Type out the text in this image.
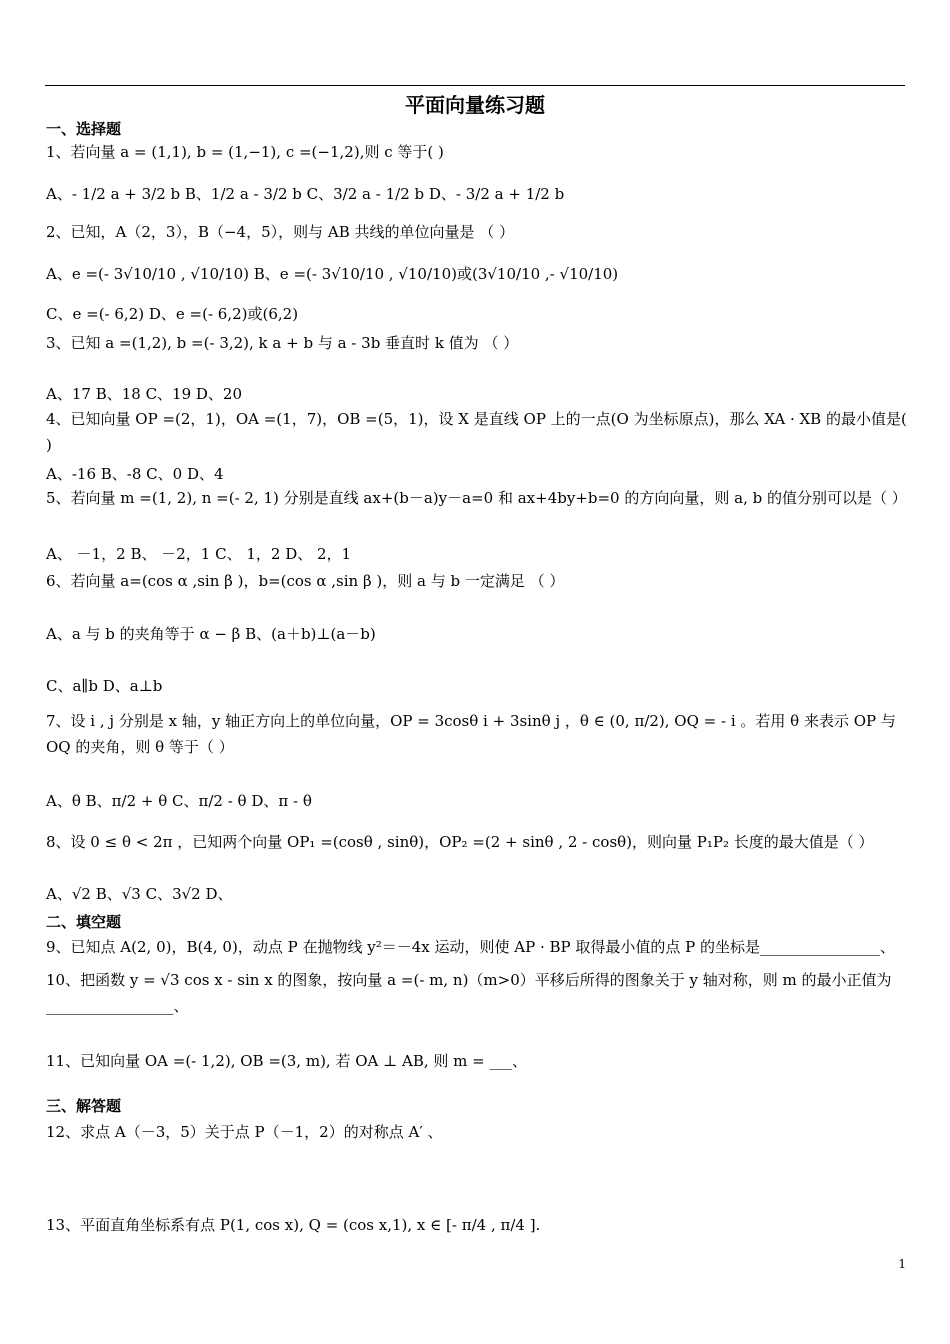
平面向量练习题
一、选择题
1、若向量 a = (1,1), b = (1,−1), c =(−1,2),则 c 等于( )
A、- 1/2 a + 3/2 b B、1/2 a - 3/2 b C、3/2 a - 1/2 b D、- 3/2 a + 1/2 b
2、已知，A（2，3），B（−4，5），则与 AB 共线的单位向量是 （ ）
A、e =(- 3√10/10 , √10/10) B、e =(- 3√10/10 , √10/10)或(3√10/10 ,- √10/10)
C、e =(- 6,2) D、e =(- 6,2)或(6,2)
3、已知 a =(1,2), b =(- 3,2), k a + b 与 a - 3b 垂直时 k 值为 （ ）
A、17 B、18 C、19 D、20
4、已知向量 OP =(2，1)，OA =(1，7)，OB =(5，1)，设 X 是直线 OP 上的一点(O 为坐标原点)，那么 XA · XB 的最小值是( )
A、-16 B、-8 C、0 D、4
5、若向量 m =(1, 2), n =(- 2, 1) 分别是直线 ax+(b－a)y－a=0 和 ax+4by+b=0 的方向向量，则 a, b 的值分别可以是（ ）
A、 －1，2 B、 －2，1 C、 1，2 D、 2，1
6、若向量 a=(cos α ,sin β )，b=(cos α ,sin β )，则 a 与 b 一定满足 （ ）
A、a 与 b 的夹角等于 α − β B、(a＋b)⊥(a－b)
C、a∥b D、a⊥b
7、设 i , j 分别是 x 轴，y 轴正方向上的单位向量，OP = 3cosθ i + 3sinθ j ，θ ∈ (0, π/2), OQ = - i 。若用 θ 来表示 OP 与 OQ 的夹角，则 θ 等于（ ）
A、θ B、π/2 + θ C、π/2 - θ D、π - θ
8、设 0 ≤ θ < 2π ，已知两个向量 OP₁ =(cosθ , sinθ)，OP₂ =(2 + sinθ , 2 - cosθ)，则向量 P₁P₂ 长度的最大值是（ ）
A、√2 B、√3 C、3√2 D、
二、填空题
9、已知点 A(2, 0)，B(4, 0)，动点 P 在抛物线 y²＝－4x 运动，则使 AP · BP 取得最小值的点 P 的坐标是________________、
10、把函数 y = √3 cos x - sin x 的图象，按向量 a =(- m, n)（m>0）平移后所得的图象关于 y 轴对称，则 m 的最小正值为_________________、
11、已知向量 OA =(- 1,2), OB =(3, m), 若 OA ⊥ AB, 则 m = ___、
三、解答题
12、求点 A（－3，5）关于点 P（－1，2）的对称点 A′ 、
13、平面直角坐标系有点 P(1, cos x), Q = (cos x,1), x ∈ [- π/4 , π/4 ].
1
